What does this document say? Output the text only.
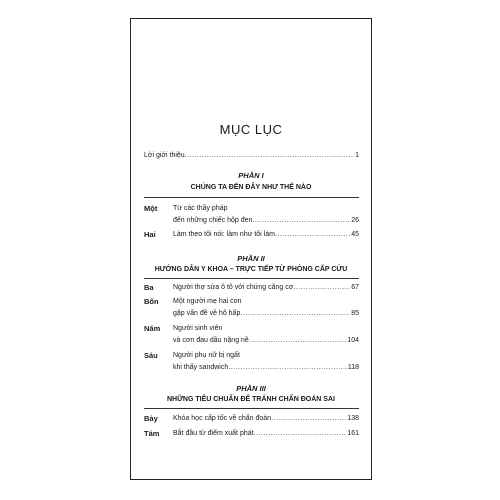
MỤC LỤC
Lời giới thiệu .....	1
PHẦN I
CHÚNG TA ĐẾN ĐÂY NHƯ THẾ NÀO
Một Từ các thầy pháp
đến những chiếc hộp đen .....	26
Hai Làm theo tôi nói: làm như tôi làm .....	45
PHẦN II
HƯỚNG DẪN Y KHOA – TRỰC TIẾP TỪ PHÒNG CẤP CỨU
Ba	Người thợ sửa ô tô với chứng căng cơ .....	67
Bốn Một người mẹ hai con
gặp vấn đề về hô hấp .....	85
Năm Người sinh viên
và cơn đau dầu nặng nề .....	104
Sáu Người phụ nữ bị ngất
khi thấy sandwich .....	118
PHẦN III
NHỮNG TIÊU CHUẨN ĐỂ TRÁNH CHẨN ĐOÁN SAI
Bảy Khóa học cấp tốc về chẩn đoán .....	138
Tám Bắt đầu từ điểm xuất phát .....	161
